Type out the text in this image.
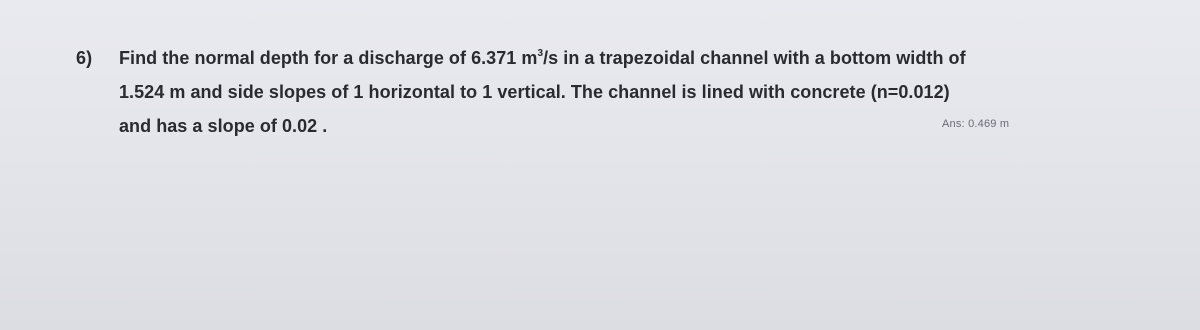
6) Find the normal depth for a discharge of 6.371 $m^3/s$ in a trapezoidal channel with a bottom width of
1.524 m and side slopes of 1 horizontal to 1 vertical. The channel is lined with concrete (n=0.012)
and has a slope of 0.02 .	Ans: 0.469 m
